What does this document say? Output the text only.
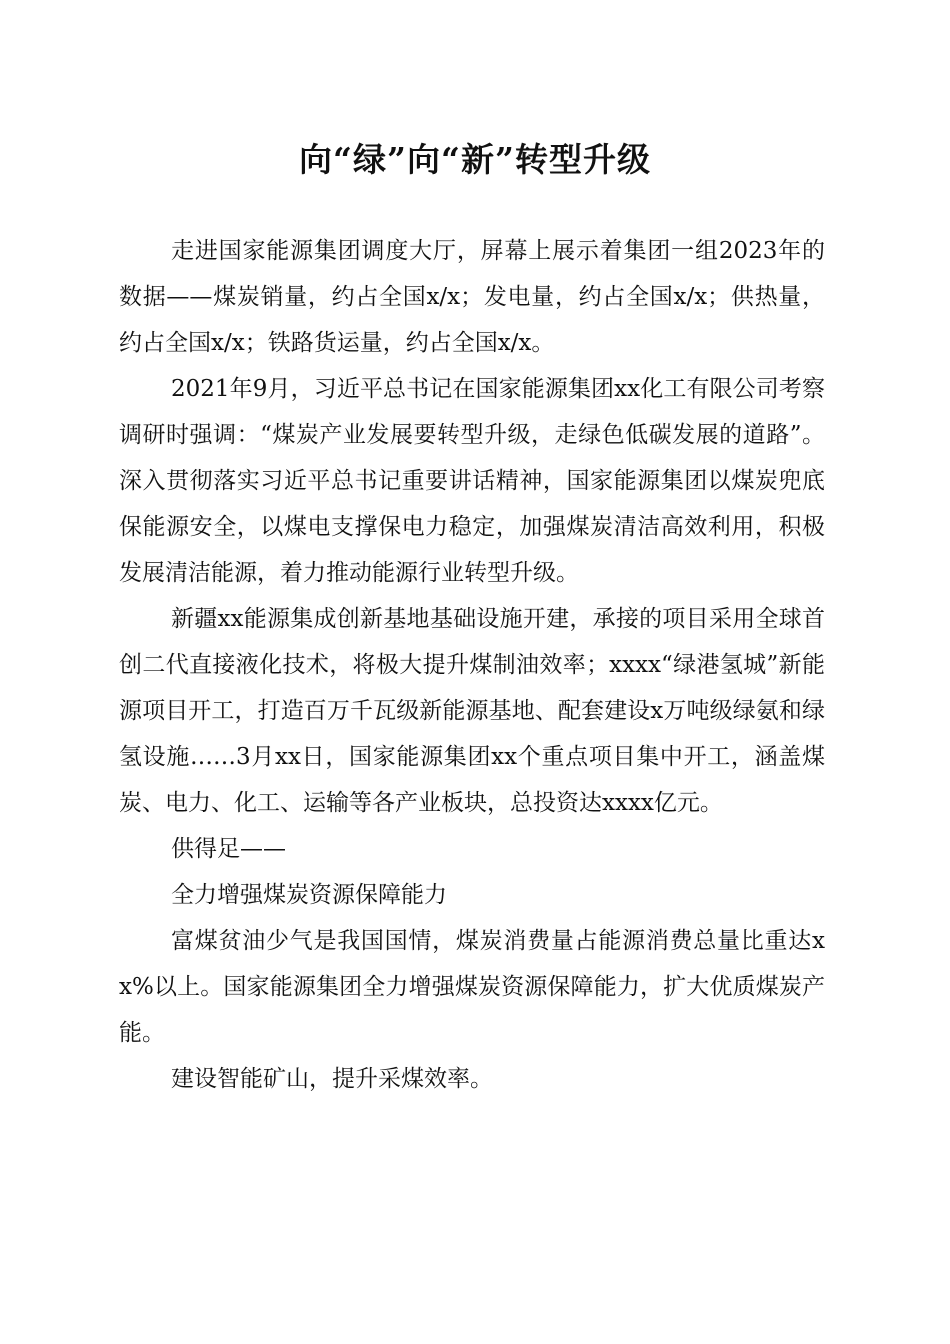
向“绿”向“新”转型升级

走进国家能源集团调度大厅，屏幕上展示着集团一组2023年的数据——煤炭销量，约占全国x/x；发电量，约占全国x/x；供热量，约占全国x/x；铁路货运量，约占全国x/x。

2021年9月，习近平总书记在国家能源集团xx化工有限公司考察调研时强调：“煤炭产业发展要转型升级，走绿色低碳发展的道路”。深入贯彻落实习近平总书记重要讲话精神，国家能源集团以煤炭兜底保能源安全，以煤电支撑保电力稳定，加强煤炭清洁高效利用，积极发展清洁能源，着力推动能源行业转型升级。

新疆xx能源集成创新基地基础设施开建，承接的项目采用全球首创二代直接液化技术，将极大提升煤制油效率；xxxx“绿港氢城”新能源项目开工，打造百万千瓦级新能源基地、配套建设x万吨级绿氨和绿氢设施……3月xx日，国家能源集团xx个重点项目集中开工，涵盖煤炭、电力、化工、运输等各产业板块，总投资达xxxx亿元。

供得足——

全力增强煤炭资源保障能力

富煤贫油少气是我国国情，煤炭消费量占能源消费总量比重达xx%以上。国家能源集团全力增强煤炭资源保障能力，扩大优质煤炭产能。

建设智能矿山，提升采煤效率。
